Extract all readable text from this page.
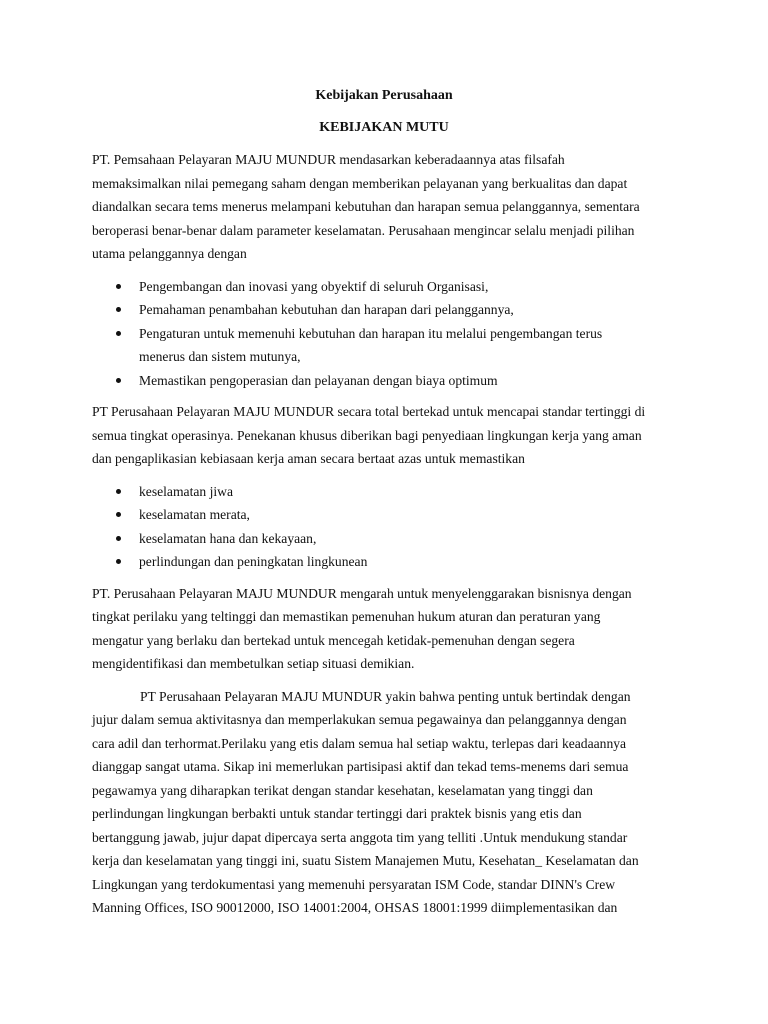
Kebijakan Perusahaan
KEBIJAKAN MUTU
PT. Pemsahaan Pelayaran MAJU MUNDUR mendasarkan keberadaannya atas filsafah
memaksimalkan nilai pemegang saham dengan memberikan pelayanan yang berkualitas dan dapat
diandalkan secara tems menerus melampani kebutuhan dan harapan semua pelanggannya, sementara
beroperasi benar-benar dalam parameter keselamatan. Perusahaan mengincar selalu menjadi pilihan
utama pelanggannya dengan
Pengembangan dan inovasi yang obyektif di seluruh Organisasi,
Pemahaman penambahan kebutuhan dan harapan dari pelanggannya,
Pengaturan untuk memenuhi kebutuhan dan harapan itu melalui pengembangan terus
menerus dan sistem mutunya,
Memastikan pengoperasian dan pelayanan dengan biaya optimum
PT Perusahaan Pelayaran MAJU MUNDUR secara total bertekad untuk mencapai standar tertinggi di
semua tingkat operasinya. Penekanan khusus diberikan bagi penyediaan lingkungan kerja yang aman
dan pengaplikasian kebiasaan kerja aman secara bertaat azas untuk memastikan
keselamatan jiwa
keselamatan merata,
keselamatan hana dan kekayaan,
perlindungan dan peningkatan lingkunean
PT. Perusahaan Pelayaran MAJU MUNDUR mengarah untuk menyelenggarakan bisnisnya dengan
tingkat perilaku yang teltinggi dan memastikan pemenuhan hukum aturan dan peraturan yang
mengatur yang berlaku dan bertekad untuk mencegah ketidak-pemenuhan dengan segera
mengidentifikasi dan membetulkan setiap situasi demikian.
PT Perusahaan Pelayaran MAJU MUNDUR yakin bahwa penting untuk bertindak dengan
jujur dalam semua aktivitasnya dan memperlakukan semua pegawainya dan pelanggannya dengan
cara adil dan terhormat.Perilaku yang etis dalam semua hal setiap waktu, terlepas dari keadaannya
dianggap sangat utama. Sikap ini memerlukan partisipasi aktif dan tekad tems-menems dari semua
pegawamya yang diharapkan terikat dengan standar kesehatan, keselamatan yang tinggi dan
perlindungan lingkungan berbakti untuk standar tertinggi dari praktek bisnis yang etis dan
bertanggung jawab, jujur dapat dipercaya serta anggota tim yang telliti .Untuk mendukung standar
kerja dan keselamatan yang tinggi ini, suatu Sistem Manajemen Mutu, Kesehatan_ Keselamatan dan
Lingkungan yang terdokumentasi yang memenuhi persyaratan ISM Code, standar DINN's Crew
Manning Offices, ISO 90012000, ISO 14001:2004, OHSAS 18001:1999 diimplementasikan dan
